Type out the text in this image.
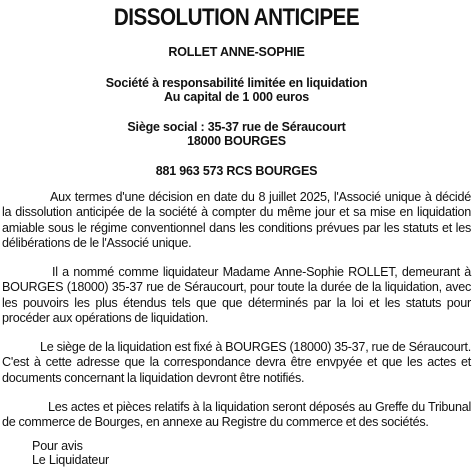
DISSOLUTION ANTICIPEE
ROLLET ANNE-SOPHIE
Société à responsabilité limitée en liquidation
Au capital de 1 000 euros
Siège social : 35-37 rue de Séraucourt
18000 BOURGES
881 963 573 RCS BOURGES
Aux termes d'une décision en date du 8 juillet 2025, l'Associé unique à décidé la dissolution anticipée de la société à compter du même jour et sa mise en liquidation amiable sous le régime conventionnel dans les conditions prévues par les statuts et les délibérations de le l'Associé unique.
Il a nommé comme liquidateur Madame Anne-Sophie ROLLET, demeurant à BOURGES (18000) 35-37 rue de Séraucourt, pour toute la durée de la liquidation, avec les pouvoirs les plus étendus tels que que déterminés par la loi et les statuts pour procéder aux opérations de liquidation.
Le siège de la liquidation est fixé à BOURGES (18000) 35-37, rue de Séraucourt. C'est à cette adresse que la correspondance devra être envpyée et que les actes et documents concernant la liquidation devront être notifiés.
Les actes et pièces relatifs à la liquidation seront déposés au Greffe du Tribunal de commerce de Bourges, en annexe au Registre du commerce et des sociétés.
Pour avis
Le Liquidateur
